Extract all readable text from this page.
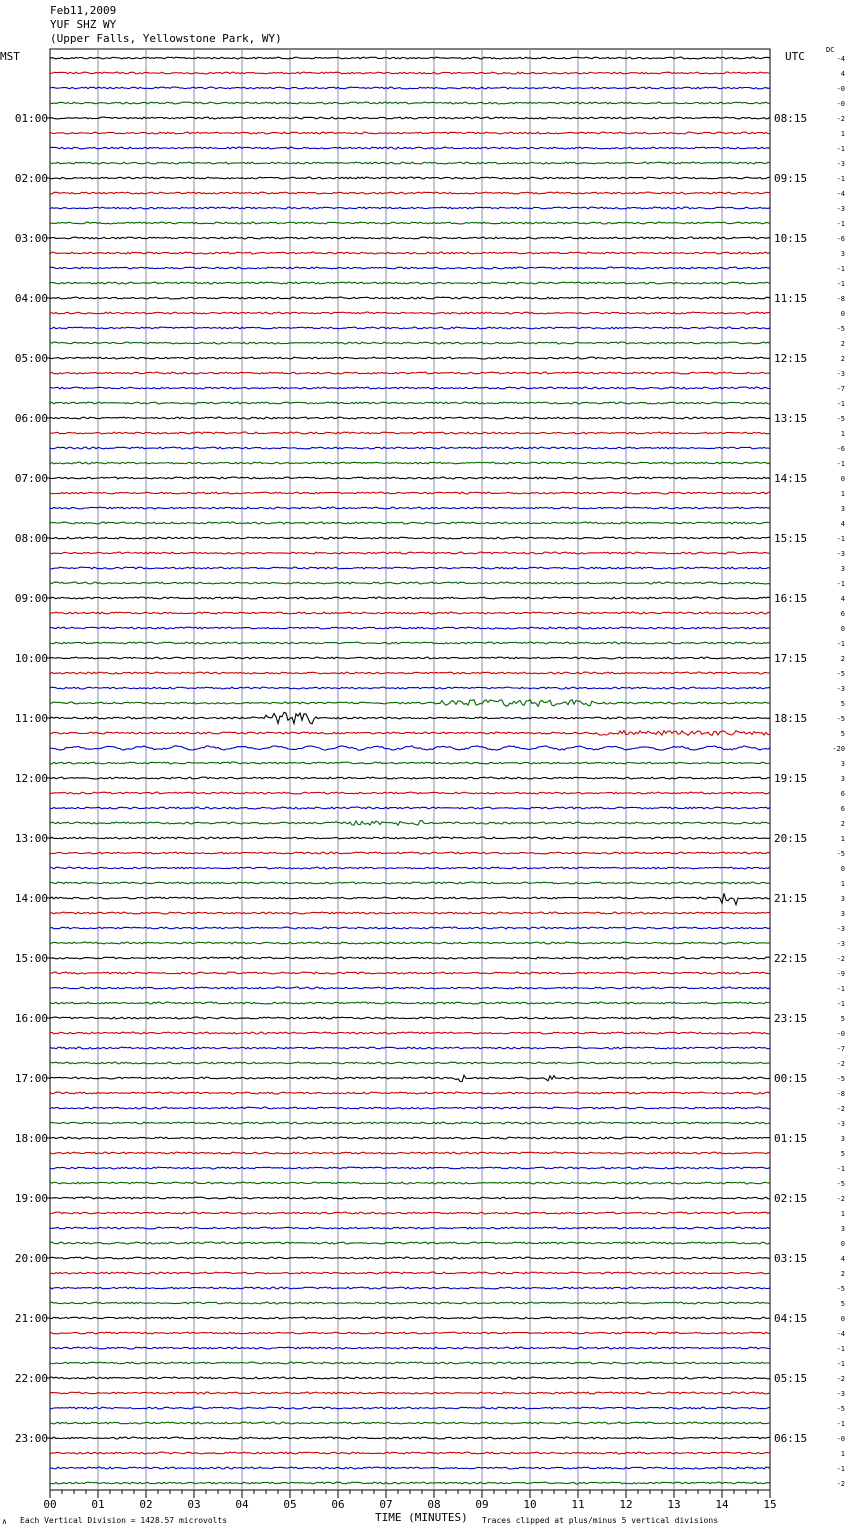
Feb11,2009
YUF SHZ WY
(Upper Falls, Yellowstone Park, WY)
MST	UTC	DC
01:00	08:15
02:00	09:15
03:00	10:15
04:00	11:15
05:00	12:15
06:00	13:15
07:00	14:15
08:00	15:15
09:00	16:15
10:00	17:15
11:00	18:15
12:00	19:15
13:00	20:15
14:00	21:15
15:00	22:15
16:00	23:15
17:00	00:15
18:00	01:15
19:00	02:15
20:00	03:15
21:00	04:15
22:00	05:15
23:00	06:15
-4
4
-0
-0
-2
1
-1
-3
-1
-4
-3
-1
-6
3
-1
-1
-8
0
-5
2
2
-3
-7
-1
-5
1
-6
-1
0
1
3
4
-1
-3
3
-1
4
6
0
-1
2
-5
-3
5
-5
5
-20
3
3
6
6
2
1
-5
0
1
3
3
-3
-3
-2
-9
-1
-1
5
-0
-7
-2
-5
-8
-2
-3
3
5
-1
-5
-2
1
3
0
4
2
-5
5
0
-4
-1
-1
-2
-3
-5
-1
-0
1
-1
-2
00	01	02	03	04	05	06	07	08	09	10	11	12	13	14	15
TIME (MINUTES)
Each Vertical Division = 1428.57 microvolts	Traces clipped at plus/minus 5 vertical divisions
∧
